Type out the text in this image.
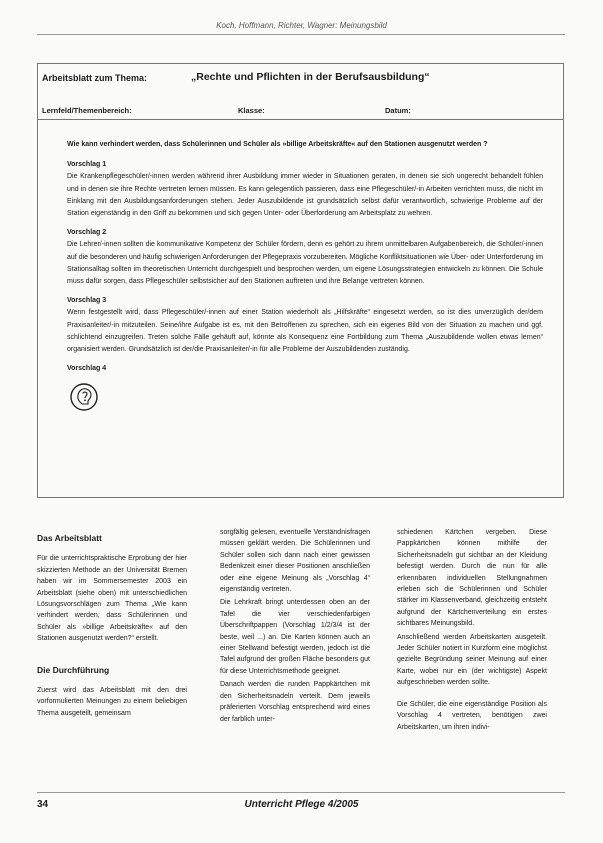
Koch, Hoffmann, Richter, Wagner: Meinungsbild
Arbeitsblatt zum Thema:	„Rechte und Pflichten in der Berufsausbildung“
Lernfeld/Themenbereich:	Klasse:	Datum:

Wie kann verhindert werden, dass Schülerinnen und Schüler als »billige Arbeitskräfte« auf den Stationen ausgenutzt werden ?

Vorschlag 1

Die Krankenpflegeschüler/-innen werden während ihrer Ausbildung immer wieder in Situationen geraten, in denen sie sich ungerecht behandelt fühlen und in denen sie ihre Rechte vertreten lernen müssen. Es kann gelegentlich passieren, dass eine Pflegeschüler/-in Arbeiten verrichten muss, die nicht im Einklang mit den Ausbildungsanforderungen stehen. Jeder Auszubildende ist grundsätzlich selbst dafür verantwortlich, schwierige Probleme auf der Station eigenständig in den Griff zu bekommen und sich gegen Unter- oder Überforderung am Arbeitsplatz zu wehren.

Vorschlag 2

Die Lehrer/-innen sollten die kommunikative Kompetenz der Schüler fördern, denn es gehört zu ihrem unmittelbaren Aufgabenbereich, die Schüler/-innen auf die besonderen und häufig schwierigen Anforderungen der Pflegepraxis vorzubereiten. Mögliche Konfliktsituationen wie Über- oder Unterforderung im Stationsalltag sollten im theoretischen Unterricht durchgespielt und besprochen werden, um eigene Lösungsstrategien entwickeln zu können. Die Schule muss dafür sorgen, dass Pflegeschüler selbstsicher auf den Stationen auftreten und ihre Belange vertreten können.

Vorschlag 3

Wenn festgestellt wird, dass Pflegeschüler/-innen auf einer Station wiederholt als „Hilfskräfte“ eingesetzt werden, so ist dies unverzüglich der/dem Praxisanleiter/-in mitzuteilen. Seine/ihre Aufgabe ist es, mit den Betroffenen zu sprechen, sich ein eigenes Bild von der Situation zu machen und ggf. schlichtend einzugreifen. Treten solche Fälle gehäuft auf, könnte als Konsequenz eine Fortbildung zum Thema „Auszubildende wollen etwas lernen“ organisiert werden. Grundsätzlich ist der/die Praxisanleiter/-in für alle Probleme der Auszubildenden zuständig.

Vorschlag 4

Das Arbeitsblatt

Für die unterrichtspraktische Erprobung der hier skizzierten Methode an der Universität Bremen haben wir im Sommersemester 2003 ein Arbeitsblatt (siehe oben) mit unterschiedlichen Lösungsvorschlägen zum Thema „Wie kann verhindert werden, dass Schülerinnen und Schüler als »billige Arbeitskräfte« auf den Stationen ausgenutzt werden?“ erstellt.

Die Durchführung

Zuerst wird das Arbeitsblatt mit den drei vorformulierten Meinungen zu einem beliebigen Thema ausgeteilt, gemeinsam

sorgfältig gelesen, eventuelle Verständnisfragen müssen geklärt werden. Die Schülerinnen und Schüler sollen sich dann nach einer gewissen Bedenkzeit einer dieser Positionen anschließen oder eine eigene Meinung als „Vorschlag 4“ eigenständig vertreten.

Die Lehrkraft bringt unterdessen oben an der Tafel die vier verschiedenfarbigen Überschriftpappen (Vorschlag 1/2/3/4 ist der beste, weil ...) an. Die Karten können auch an einer Stellwand befestigt werden, jedoch ist die Tafel aufgrund der großen Fläche besonders gut für diese Unterrichtsmethode geeignet.

Danach werden die runden Pappkärtchen mit den Sicherheitsnadeln verteilt. Dem jeweils präferierten Vorschlag entsprechend wird eines der farblich unter-

schiedenen Kärtchen vergeben. Diese Pappkärtchen können mithilfe der Sicherheitsnadeln gut sichtbar an der Kleidung befestigt werden. Durch die nun für alle erkennbaren individuellen Stellungnahmen erleben sich die Schülerinnen und Schüler stärker im Klassenverband, gleichzeitig entsteht aufgrund der Kärtchenverteilung ein erstes sichtbares Meinungsbild.

Anschließend werden Arbeitskarten ausgeteilt. Jeder Schüler notiert in Kurzform eine möglichst gezielte Begründung seiner Meinung auf einer Karte, wobei nur ein (der wichtigste) Aspekt aufgeschrieben werden sollte.

Die Schüler, die eine eigenständige Position als Vorschlag 4 vertreten, benötigen zwei Arbeitskarten, um ihren indivi-

34	Unterricht Pflege 4/2005
